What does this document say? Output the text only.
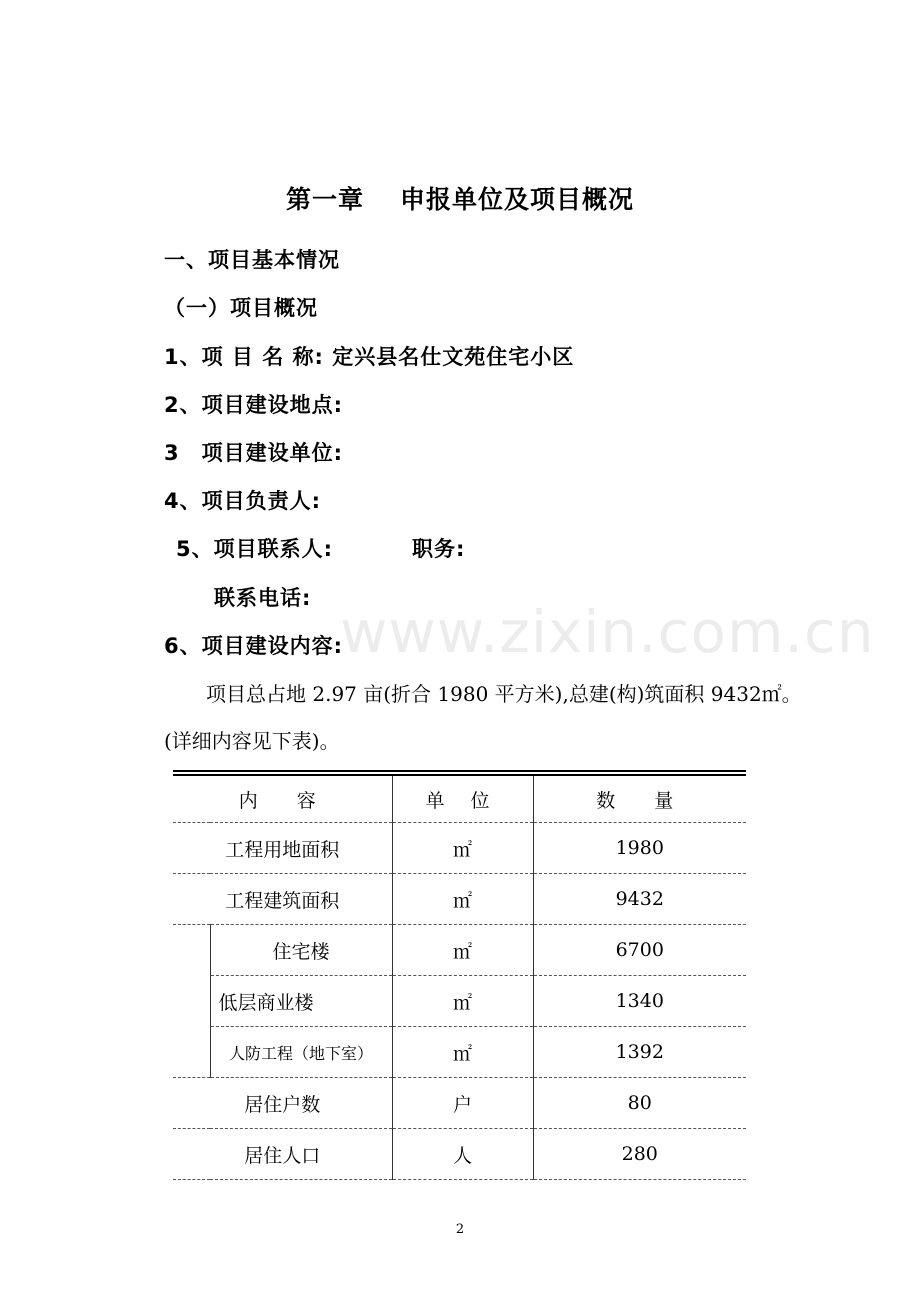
第一章 申报单位及项目概况
一、项目基本情况
（一）项目概况
1、项 目 名 称: 定兴县名仕文苑住宅小区
2、项目建设地点:
3　项目建设单位:
4、项目负责人:
5、项目联系人:	职务:
联系电话:
6、项目建设内容:
www.zixin.com.cn
项目总占地 2.97 亩(折合 1980 平方米),总建(构)筑面积 9432㎡。
(详细内容见下表)。
内　容		单 位	数　量
工程用地面积		㎡	1980
工程建筑面积		㎡	9432
	住宅楼	㎡	6700
	低层商业楼	㎡	1340
	人防工程（地下室）	㎡	1392
居住户数		户	80
居住人口		人	280
2
